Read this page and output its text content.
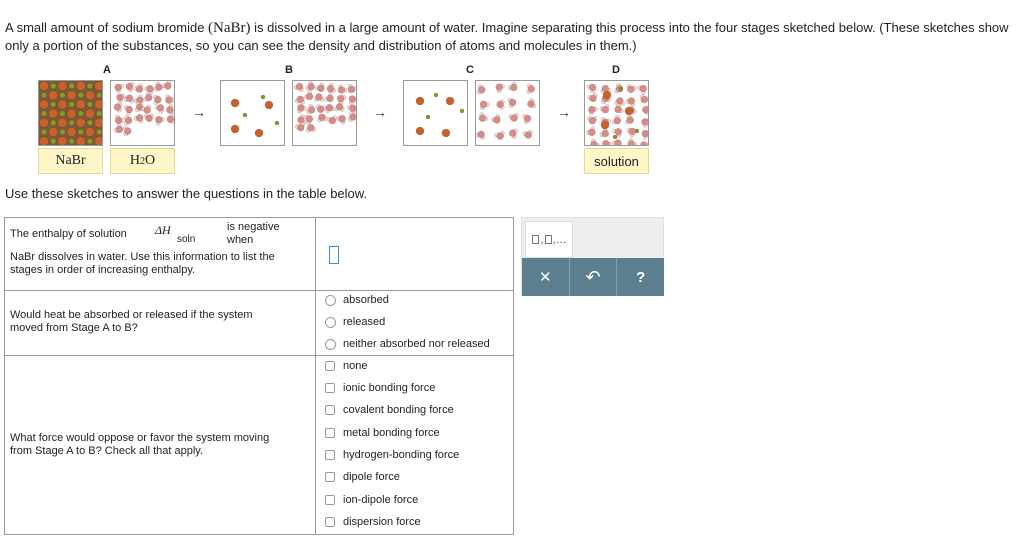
A small amount of sodium bromide (NaBr) is dissolved in a large amount of water. Imagine separating this process into the four stages sketched below. (These sketches show only a portion of the substances, so you can see the density and distribution of atoms and molecules in them.)
A	B	C	D
→	→	→
NaBr	H 2 O	solution
Use these sketches to answer the questions in the table below.
The enthalpy of solution ΔH
soln
is negative
when
NaBr dissolves in water. Use this information to list the
stages in order of increasing enthalpy.
Would heat be absorbed or released if the system
moved from Stage A to B?
absorbed
released
neither absorbed nor released
What force would oppose or favor the system moving
from Stage A to B? Check all that apply.
none
ionic bonding force
covalent bonding force
metal bonding force
hydrogen-bonding force
dipole force
ion-dipole force
dispersion force
, , …
✕ ↶ ?
